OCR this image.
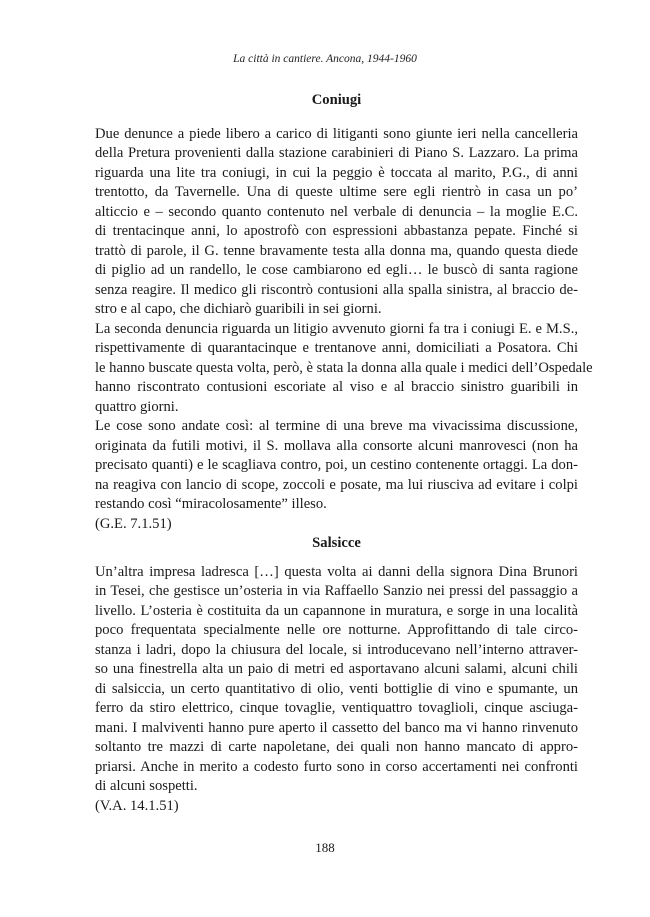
La città in cantiere. Ancona, 1944-1960
Coniugi

Due denunce a piede libero a carico di litiganti sono giunte ieri nella cancelleria
della Pretura provenienti dalla stazione carabinieri di Piano S. Lazzaro. La prima
riguarda una lite tra coniugi, in cui la peggio è toccata al marito, P.G., di anni
trentotto, da Tavernelle. Una di queste ultime sere egli rientrò in casa un po’
alticcio e – secondo quanto contenuto nel verbale di denuncia – la moglie E.C.
di trentacinque anni, lo apostrofò con espressioni abbastanza pepate. Finché si
trattò di parole, il G. tenne bravamente testa alla donna ma, quando questa diede
di piglio ad un randello, le cose cambiarono ed egli… le buscò di santa ragione
senza reagire. Il medico gli riscontrò contusioni alla spalla sinistra, al braccio de-
stro e al capo, che dichiarò guaribili in sei giorni.

La seconda denuncia riguarda un litigio avvenuto giorni fa tra i coniugi E. e M.S.,
rispettivamente di quarantacinque e trentanove anni, domiciliati a Posatora. Chi
le hanno buscate questa volta, però, è stata la donna alla quale i medici dell’Ospedale
hanno riscontrato contusioni escoriate al viso e al braccio sinistro guaribili in
quattro giorni.

Le cose sono andate così: al termine di una breve ma vivacissima discussione,
originata da futili motivi, il S. mollava alla consorte alcuni manrovesci (non ha
precisato quanti) e le scagliava contro, poi, un cestino contenente ortaggi. La don-
na reagiva con lancio di scope, zoccoli e posate, ma lui riusciva ad evitare i colpi
restando così “miracolosamente” illeso.

(G.E. 7.1.51)
Salsicce

Un’altra impresa ladresca […] questa volta ai danni della signora Dina Brunori
in Tesei, che gestisce un’osteria in via Raffaello Sanzio nei pressi del passaggio a
livello. L’osteria è costituita da un capannone in muratura, e sorge in una località
poco frequentata specialmente nelle ore notturne. Approfittando di tale circo-
stanza i ladri, dopo la chiusura del locale, si introducevano nell’interno attraver-
so una finestrella alta un paio di metri ed asportavano alcuni salami, alcuni chili
di salsiccia, un certo quantitativo di olio, venti bottiglie di vino e spumante, un
ferro da stiro elettrico, cinque tovaglie, ventiquattro tovaglioli, cinque asciuga-
mani. I malviventi hanno pure aperto il cassetto del banco ma vi hanno rinvenuto
soltanto tre mazzi di carte napoletane, dei quali non hanno mancato di appro-
priarsi. Anche in merito a codesto furto sono in corso accertamenti nei confronti
di alcuni sospetti.

(V.A. 14.1.51)
188
